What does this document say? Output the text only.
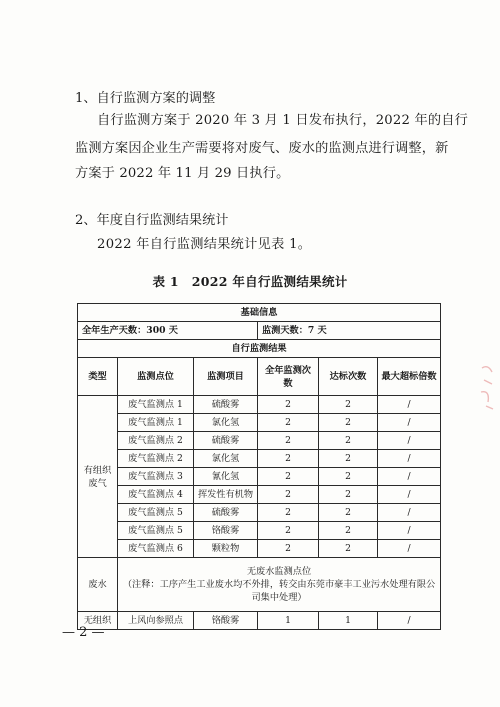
1、自行监测方案的调整

自行监测方案于 2020 年 3 月 1 日发布执行，2022 年的自行

监测方案因企业生产需要将对废气、废水的监测点进行调整，新

方案于 2022 年 11 月 29 日执行。

2、年度自行监测结果统计

2022 年自行监测结果统计见表 1。

表 1　2022 年自行监测结果统计

基础信息					
全年生产天数：300 天			监测天数：7 天		
自行监测结果					
类型	监测点位	监测项目	全年监测次数	达标次数	最大超标倍数
有组织废气	废气监测点 1	硫酸雾	2	2	/
	废气监测点 1	氯化氢	2	2	/
	废气监测点 2	硫酸雾	2	2	/
	废气监测点 2	氯化氢	2	2	/
	废气监测点 3	氰化氢	2	2	/
	废气监测点 4	挥发性有机物	2	2	/
	废气监测点 5	硫酸雾	2	2	/
	废气监测点 5	铬酸雾	2	2	/
	废气监测点 6	颗粒物	2	2	/
废水	无废水监测点位
（注释：工序产生工业废水均不外排，转交由东莞市豪丰工业污水处理有限公司集中处理）				

无组织	上风向参照点	铬酸雾	1	1	/

— 2 —
